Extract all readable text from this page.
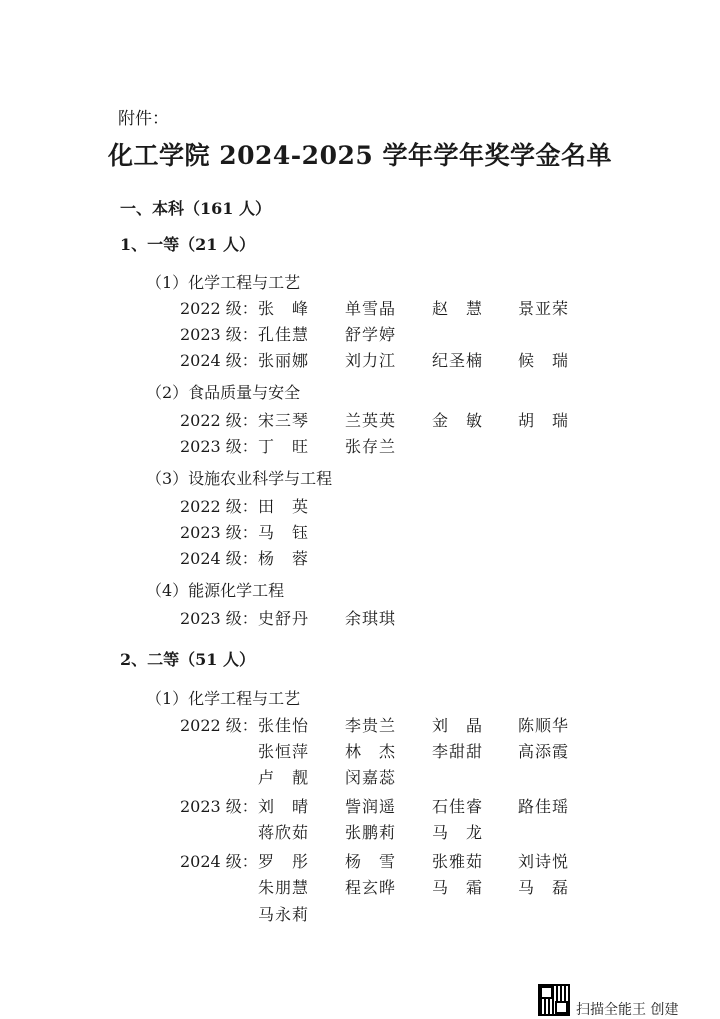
附件：
化工学院 2024-2025 学年学年奖学金名单
一、本科（161 人）
1、一等（21 人）
（1）化学工程与工艺
2022 级： 张　峰 单雪晶 赵　慧 景亚荣
2023 级： 孔佳慧 舒学婷
2024 级： 张丽娜 刘力江 纪圣楠 候　瑞
（2）食品质量与安全
2022 级： 宋三琴 兰英英 金　敏 胡　瑞
2023 级： 丁　旺 张存兰
（3）设施农业科学与工程
2022 级： 田　英
2023 级： 马　钰
2024 级： 杨　蓉
（4）能源化学工程
2023 级： 史舒丹 余琪琪
2、二等（51 人）
（1）化学工程与工艺
2022 级： 张佳怡 李贵兰 刘　晶 陈顺华
张恒萍 林　杰 李甜甜 高添霞
卢　靓 闵嘉蕊
2023 级： 刘　晴 訾润遥 石佳睿 路佳瑶
蒋欣茹 张鹏莉 马　龙
2024 级： 罗　彤 杨　雪 张雅茹 刘诗悦
朱朋慧 程玄晔 马　霜 马　磊
马永莉
扫描全能王 创建
